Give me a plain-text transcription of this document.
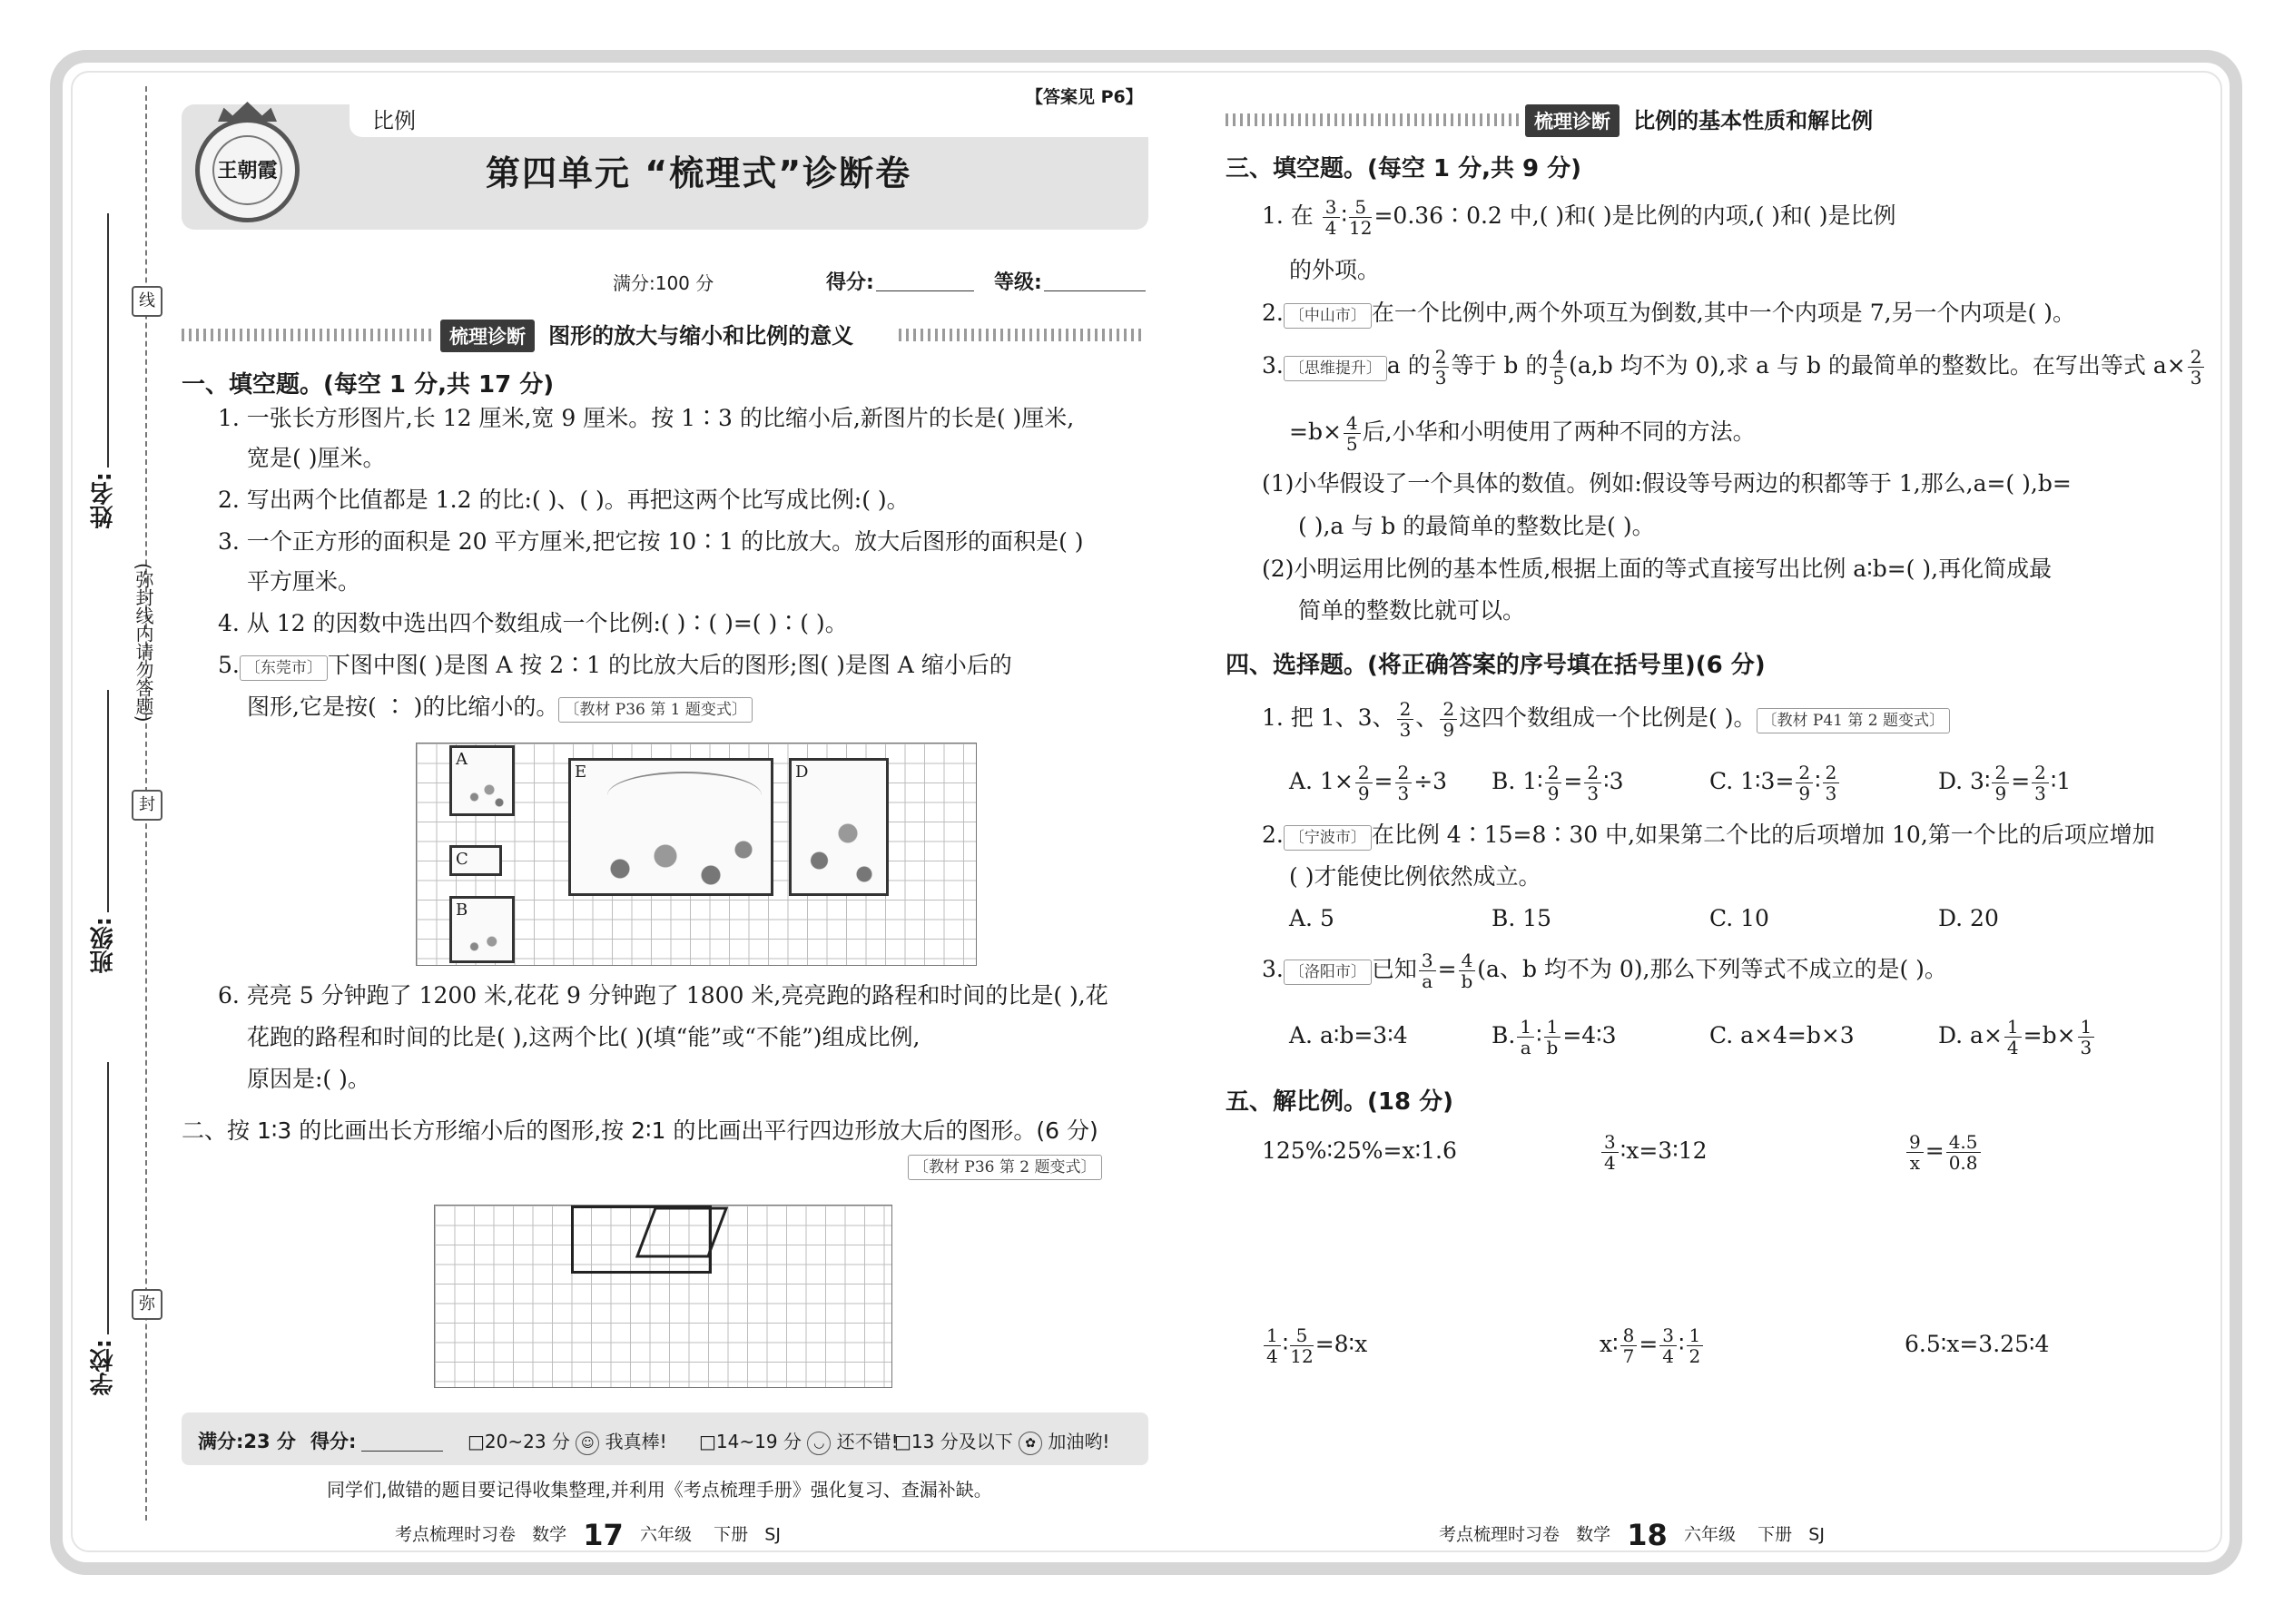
线
封
弥
(弥封线内请勿答题)
姓名:
班级:
学校:
比例
【答案见 P6】
王朝霞	第四单元 “梳理式”诊断卷
满分:100 分	得分:	等级:
梳理诊断 图形的放大与缩小和比例的意义
一、填空题。(每空 1 分,共 17 分)
1. 一张长方形图片,长 12 厘米,宽 9 厘米。按 1∶3 的比缩小后,新图片的长是( )厘米,
宽是( )厘米。
2. 写出两个比值都是 1.2 的比:( )、( )。再把这两个比写成比例:( )。
3. 一个正方形的面积是 20 平方厘米,把它按 10∶1 的比放大。放大后图形的面积是( )
平方厘米。
4. 从 12 的因数中选出四个数组成一个比例:( )∶( )=( )∶( )。
5. 〔东莞市〕 下图中图( )是图 A 按 2∶1 的比放大后的图形;图( )是图 A 缩小后的
图形,它是按( ∶ )的比缩小的。 〔教材 P36 第 1 题变式〕
A
C
B
E	D
6. 亮亮 5 分钟跑了 1200 米,花花 9 分钟跑了 1800 米,亮亮跑的路程和时间的比是( ),花
花跑的路程和时间的比是( ),这两个比( )(填“能”或“不能”)组成比例,
原因是:( )。
二、按 1∶3 的比画出长方形缩小后的图形,按 2∶1 的比画出平行四边形放大后的图形。(6 分)
〔教材 P36 第 2 题变式〕
满分:23 分 得分:	□20~23 分 ☺ 我真棒! □14~19 分 ◡ 还不错!
□13 分及以下 ✿ 加油哟!
同学们,做错的题目要记得收集整理,并利用《考点梳理手册》强化复习、查漏补缺。
考点梳理时习卷 数学 17 六年级 下册 SJ
梳理诊断 比例的基本性质和解比例
三、填空题。(每空 1 分,共 9 分)
1. 在 $\frac{3}{4}$ ∶ $\frac{5}{12}$ =0.36∶0.2 中,( )和( )是比例的内项,( )和( )是比例
的外项。
2. 〔中山市〕 在一个比例中,两个外项互为倒数,其中一个内项是 7,另一个内项是( )。
3. 〔思维提升〕 a 的 $\frac{2}{3}$ 等于 b 的 $\frac{4}{5} (a,b$ 均不为 0),求 a 与 b 的最简单的整数比。在写出等式 $a\times \frac{2}{3}$
$=b\times \frac{4}{5}$ 后,小华和小明使用了两种不同的方法。
(1)小华假设了一个具体的数值。例如:假设等号两边的积都等于 1,那么,a=( ),b=
( ),a 与 b 的最简单的整数比是( )。
(2)小明运用比例的基本性质,根据上面的等式直接写出比例 a∶b=( ),再化简成最
简单的整数比就可以。
四、选择题。(将正确答案的序号填在括号里)(6 分)
1. 把 1、3、 $\frac{2}{3}$ 、 $\frac{2}{9}$ 这四个数组成一个比例是( )。 〔教材 P41 第 2 题变式〕
A. $1\times \frac{2}{9} = \frac{2}{3} \div 3$ B. 1∶ $\frac{2}{9} = \frac{2}{3}$ ∶3	C. 1∶3= $\frac{2}{9}$ ∶ $\frac{2}{3}$	D. 3∶ $\frac{2}{9} = \frac{2}{3}$ ∶1
2. 〔宁波市〕 在比例 4∶15=8∶30 中,如果第二个比的后项增加 10,第一个比的后项应增加
( )才能使比例依然成立。
A. 5	B. 15	C. 10	D. 20
3. 〔洛阳市〕 已知 $\frac{3}{a} = \frac{4}{b} (a$、b 均不为 0),那么下列等式不成立的是( )。
A. a∶b=3∶4	B. $\frac{1}{a}$ ∶ $\frac{1}{b}$ =4∶3	C. a×4=b×3	D. $a\times \frac{1}{4} =b\times \frac{1}{3}$
五、解比例。(18 分)
125%∶25%=x∶1.6	$\frac{3}{4}$ ∶x=3∶12	$\frac{9}{x} = \frac{4.5}{0.8}$
$\frac{1}{4}$ ∶ $\frac{5}{12}$ =8∶x	x∶ $\frac{8}{7} = \frac{3}{4}$ ∶ $\frac{1}{2}$	6.5∶x=3.25∶4
考点梳理时习卷 数学 18 六年级 下册 SJ
